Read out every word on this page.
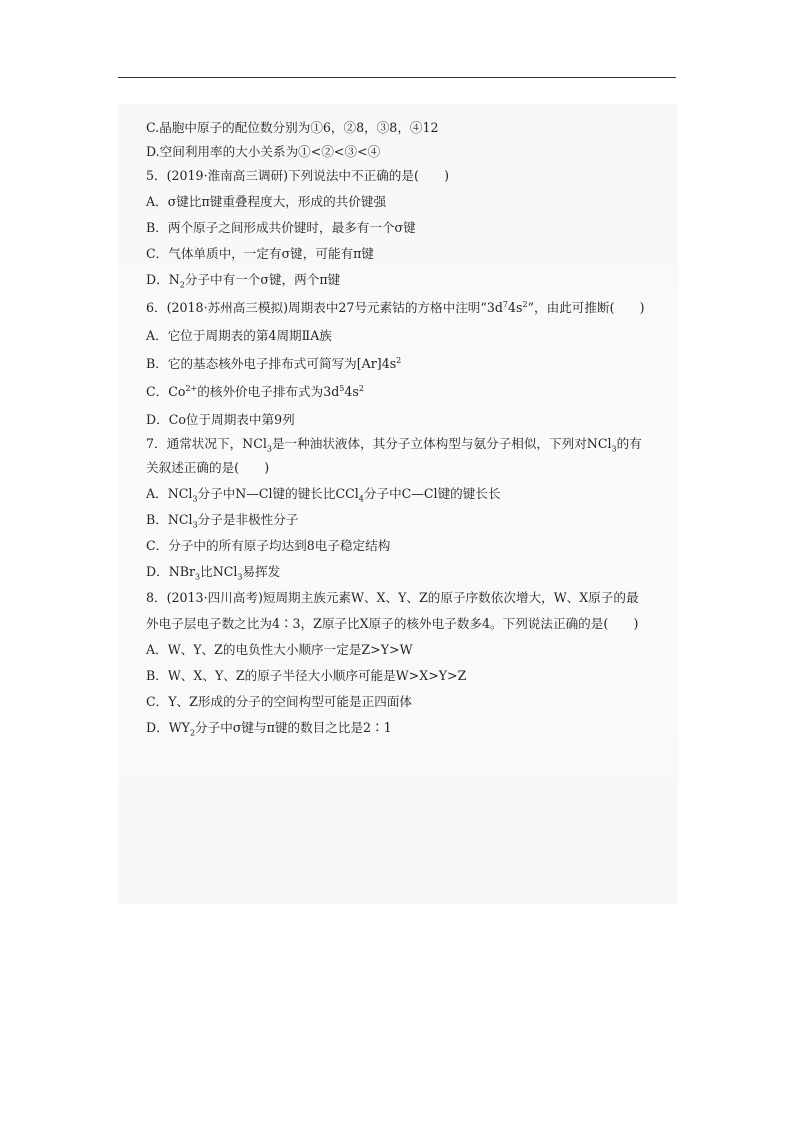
C.晶胞中原子的配位数分别为①6，②8，③8，④12
D.空间利用率的大小关系为①<②<③<④
5．(2019·淮南高三调研)下列说法中不正确的是(　　)
A．σ键比π键重叠程度大，形成的共价键强
B．两个原子之间形成共价键时，最多有一个σ键
C．气体单质中，一定有σ键，可能有π键
D．$N_2$分子中有一个σ键，两个π键
6．(2018·苏州高三模拟)周期表中27号元素钴的方格中注明“$3d^74s^2$”，由此可推断(　　)
A．它位于周期表的第4周期ⅡA族
B．它的基态核外电子排布式可简写为$[Ar]4s^2$
C．$Co^{2+}$的核外价电子排布式为$3d^54s^2$
D．Co位于周期表中第9列
7．通常状况下，NCl$_3$是一种油状液体，其分子立体构型与氨分子相似，下列对NCl$_3$的有
关叙述正确的是(　　)
A．NCl$_3$分子中N—Cl键的键长比CCl$_4$分子中C—Cl键的键长长
B．NCl$_3$分子是非极性分子
C．分子中的所有原子均达到8电子稳定结构
D．NBr$_3$比NCl$_3$易挥发
8．(2013·四川高考)短周期主族元素W、X、Y、Z的原子序数依次增大，W、X原子的最
外电子层电子数之比为4∶3，Z原子比X原子的核外电子数多4。下列说法正确的是(　　)
A．W、Y、Z的电负性大小顺序一定是Z>Y>W
B．W、X、Y、Z的原子半径大小顺序可能是W>X>Y>Z
C．Y、Z形成的分子的空间构型可能是正四面体
D．$WY_2$分子中σ键与π键的数目之比是2∶1
